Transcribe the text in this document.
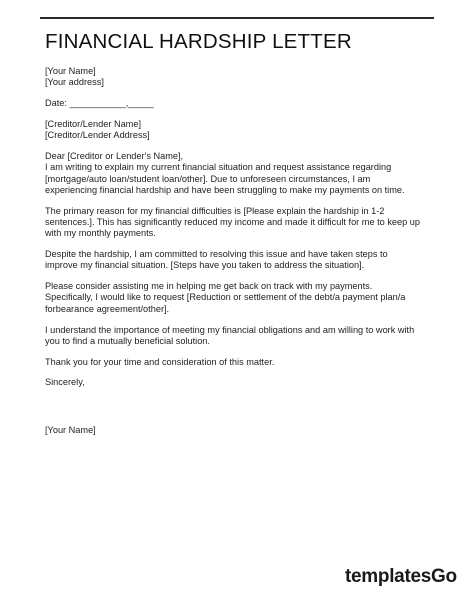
FINANCIAL HARDSHIP LETTER
[Your Name]
[Your address]
Date: ___________,_____
[Creditor/Lender Name]
[Creditor/Lender Address]
Dear [Creditor or Lender's Name],
I am writing to explain my current financial situation and request assistance regarding
[mortgage/auto loan/student loan/other]. Due to unforeseen circumstances, I am
experiencing financial hardship and have been struggling to make my payments on time.
The primary reason for my financial difficulties is [Please explain the hardship in 1-2
sentences.]. This has significantly reduced my income and made it difficult for me to keep up
with my monthly payments.
Despite the hardship, I am committed to resolving this issue and have taken steps to
improve my financial situation. [Steps have you taken to address the situation].
Please consider assisting me in helping me get back on track with my payments.
Specifically, I would like to request [Reduction or settlement of the debt/a payment plan/a
forbearance agreement/other].
I understand the importance of meeting my financial obligations and am willing to work with
you to find a mutually beneficial solution.
Thank you for your time and consideration of this matter.
Sincerely,
[Your Name]
templatesGo
